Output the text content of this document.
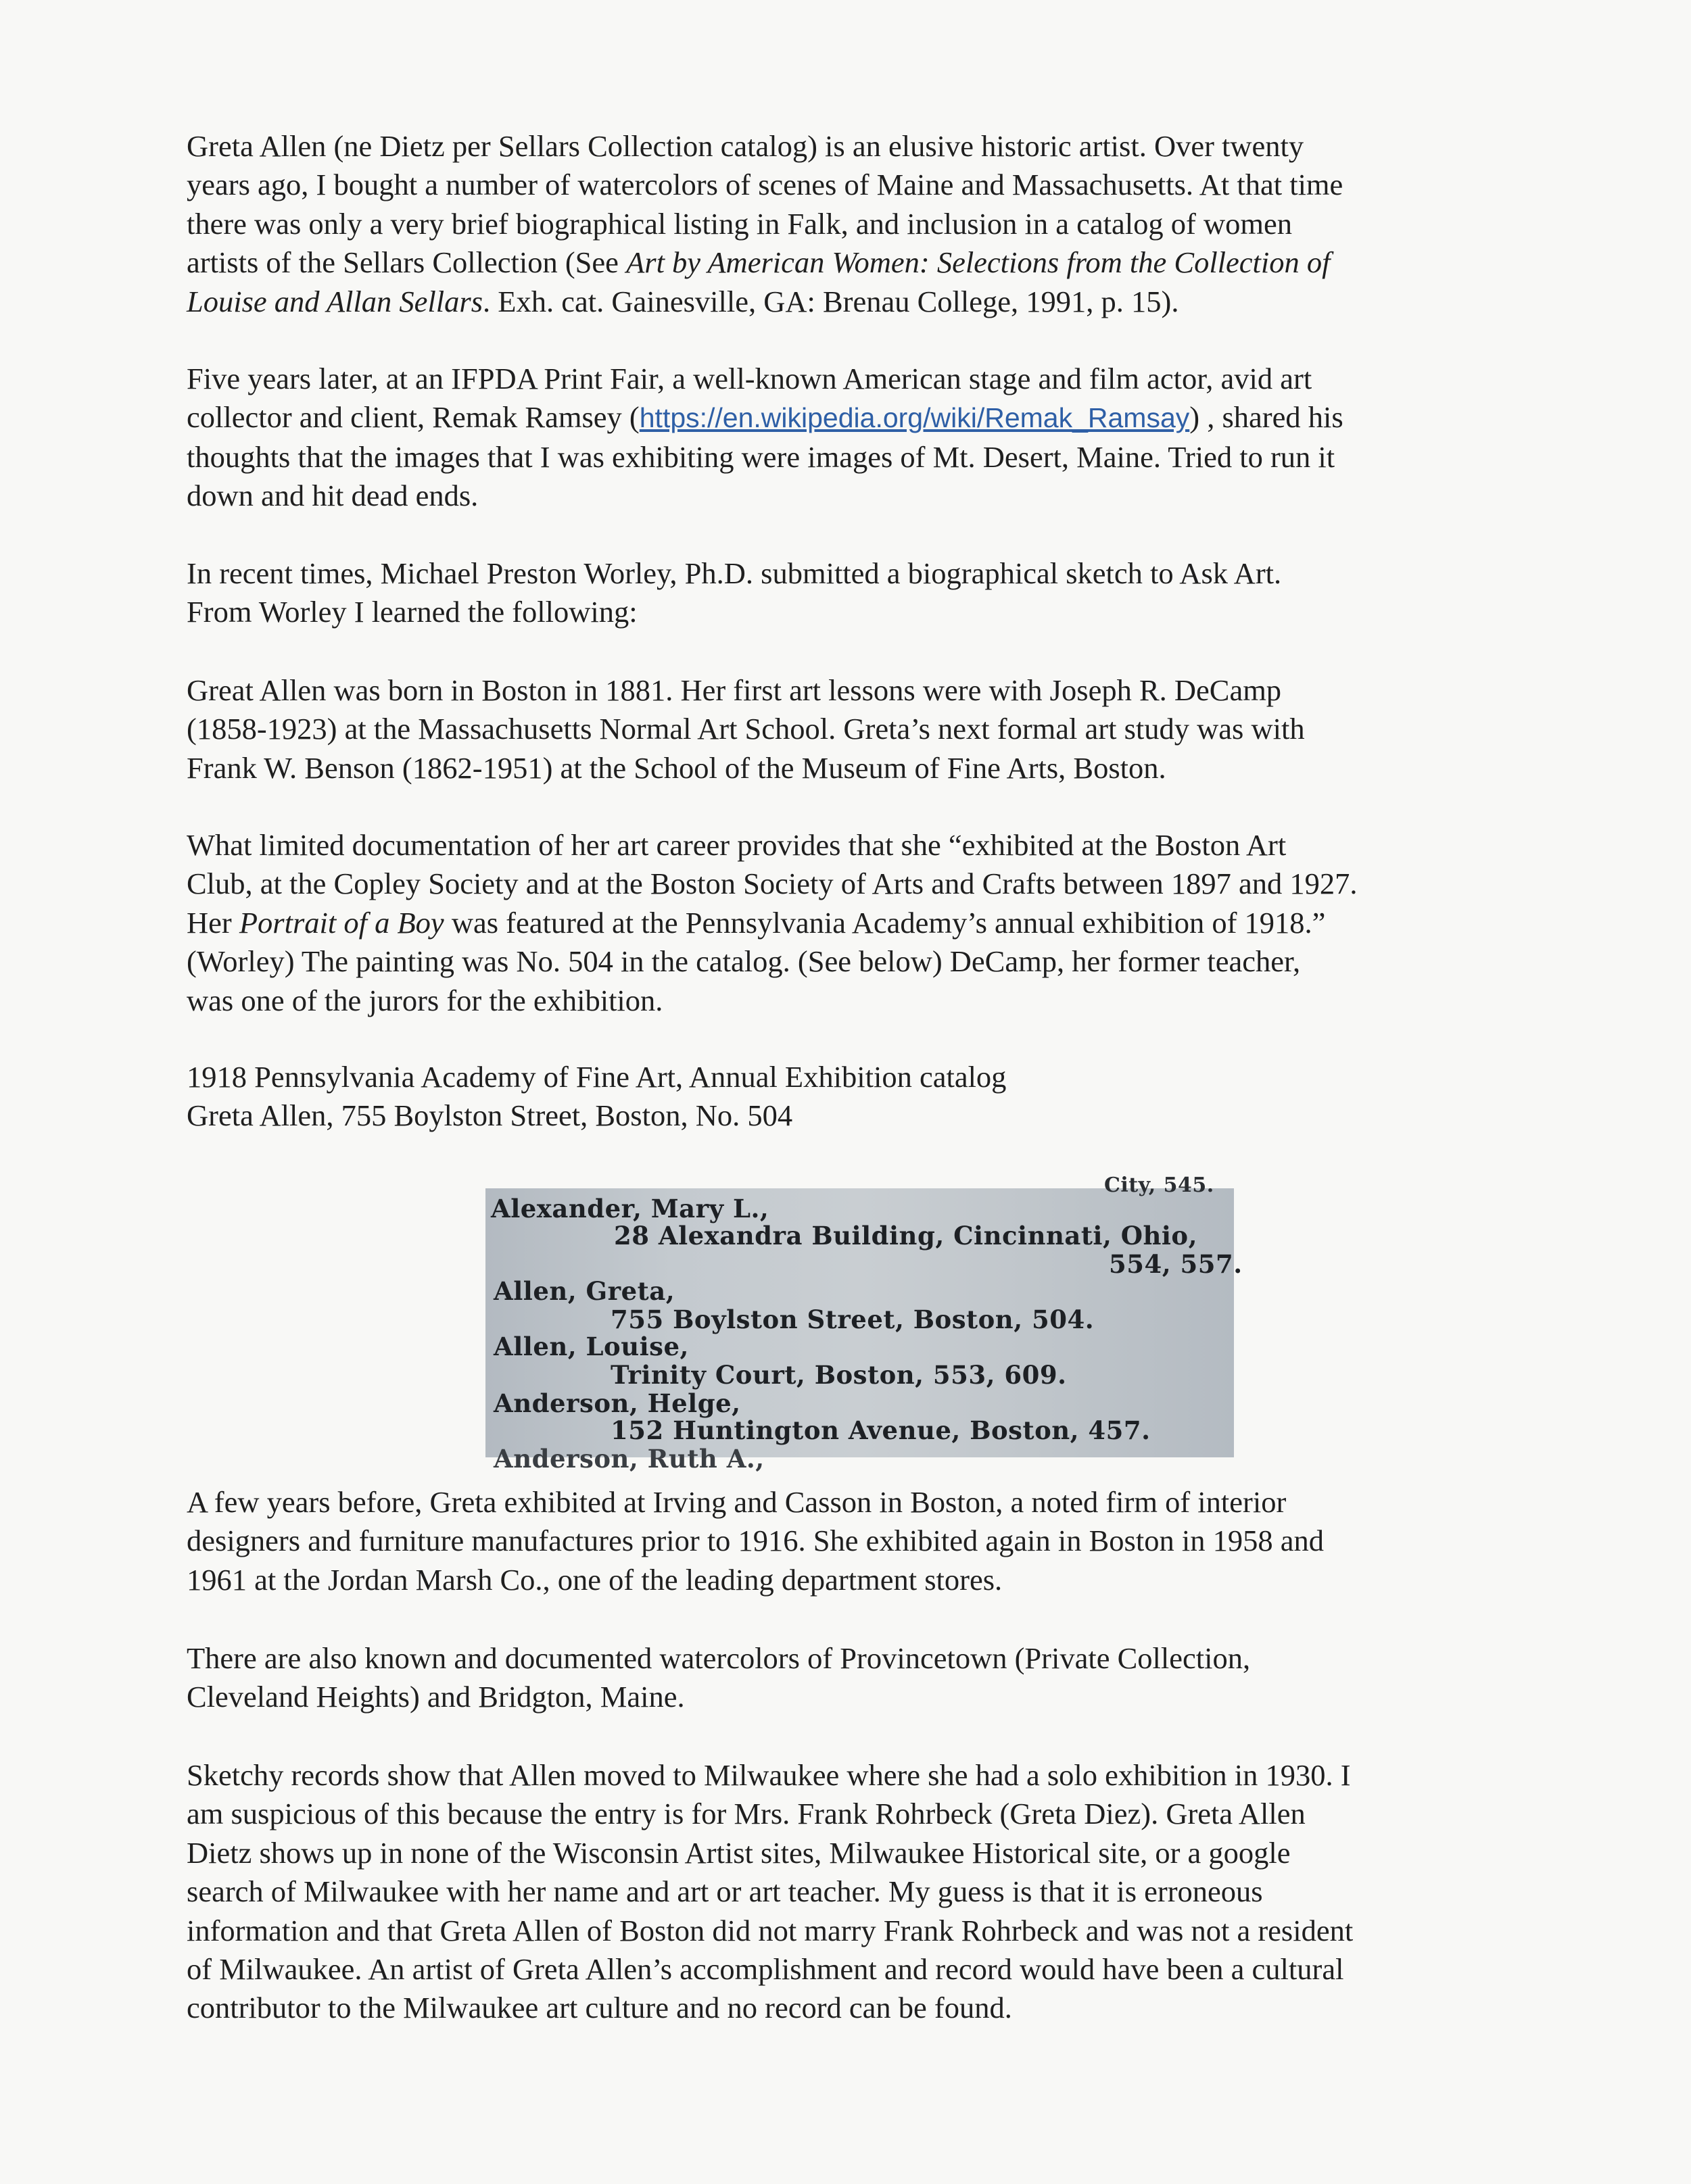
Greta Allen (ne Dietz per Sellars Collection catalog) is an elusive historic artist. Over twenty
years ago, I bought a number of watercolors of scenes of Maine and Massachusetts. At that time
there was only a very brief biographical listing in Falk, and inclusion in a catalog of women
artists of the Sellars Collection (See Art by American Women: Selections from the Collection of
Louise and Allan Sellars. Exh. cat. Gainesville, GA: Brenau College, 1991, p. 15).

Five years later, at an IFPDA Print Fair, a well-known American stage and film actor, avid art
collector and client, Remak Ramsey (https://en.wikipedia.org/wiki/Remak_Ramsay) , shared his
thoughts that the images that I was exhibiting were images of Mt. Desert, Maine. Tried to run it
down and hit dead ends.

In recent times, Michael Preston Worley, Ph.D. submitted a biographical sketch to Ask Art.
From Worley I learned the following:

Great Allen was born in Boston in 1881. Her first art lessons were with Joseph R. DeCamp
(1858-1923) at the Massachusetts Normal Art School. Greta’s next formal art study was with
Frank W. Benson (1862-1951) at the School of the Museum of Fine Arts, Boston.

What limited documentation of her art career provides that she “exhibited at the Boston Art
Club, at the Copley Society and at the Boston Society of Arts and Crafts between 1897 and 1927.
Her Portrait of a Boy was featured at the Pennsylvania Academy’s annual exhibition of 1918.”
(Worley) The painting was No. 504 in the catalog. (See below) DeCamp, her former teacher,
was one of the jurors for the exhibition.

1918 Pennsylvania Academy of Fine Art, Annual Exhibition catalog
Greta Allen, 755 Boylston Street, Boston, No. 504

City, 545.
Alexander, Mary L.,
28 Alexandra Building, Cincinnati, Ohio,
554, 557.
Allen, Greta,
755 Boylston Street, Boston, 504.
Allen, Louise,
Trinity Court, Boston, 553, 609.
Anderson, Helge,
152 Huntington Avenue, Boston, 457.
Anderson, Ruth A.,

A few years before, Greta exhibited at Irving and Casson in Boston, a noted firm of interior
designers and furniture manufactures prior to 1916. She exhibited again in Boston in 1958 and
1961 at the Jordan Marsh Co., one of the leading department stores.

There are also known and documented watercolors of Provincetown (Private Collection,
Cleveland Heights) and Bridgton, Maine.

Sketchy records show that Allen moved to Milwaukee where she had a solo exhibition in 1930. I
am suspicious of this because the entry is for Mrs. Frank Rohrbeck (Greta Diez). Greta Allen
Dietz shows up in none of the Wisconsin Artist sites, Milwaukee Historical site, or a google
search of Milwaukee with her name and art or art teacher. My guess is that it is erroneous
information and that Greta Allen of Boston did not marry Frank Rohrbeck and was not a resident
of Milwaukee. An artist of Greta Allen’s accomplishment and record would have been a cultural
contributor to the Milwaukee art culture and no record can be found.
